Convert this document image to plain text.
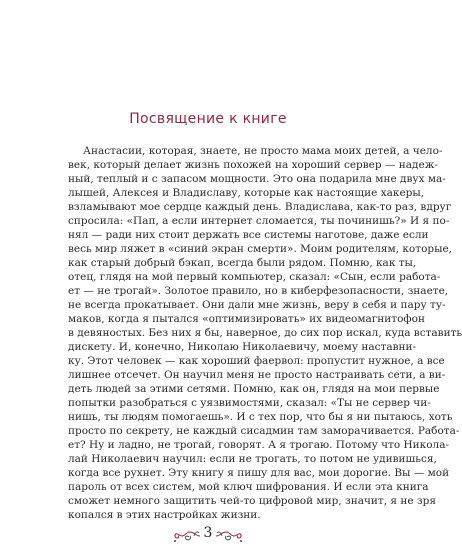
Посвящение к книге
Анастасии, которая, знаете, не просто мама моих детей, а чело-
век, который делает жизнь похожей на хороший сервер — надеж-
ный, теплый и с запасом мощности. Это она подарила мне двух ма-
лышей, Алексея и Владиславу, которые как настоящие хакеры,
взламывают мое сердце каждый день. Владиславa, как-то раз, вдруг
спросила: «Пап, а если интернет сломается, ты починишь?» И я по-
нял — ради них стоит держать все системы наготове, даже если
весь мир ляжет в «синий экран смерти». Моим родителям, которые,
как старый добрый бэкап, всегда были рядом. Помню, как ты,
отец, глядя на мой первый компьютер, сказал: «Сын, если работа-
ет — не трогай». Золотое правило, но в киберфезопасности, знаете,
не всегда прокатывает. Они дали мне жизнь, веру в себя и пару ту-
маков, когда я пытался «оптимизировать» их видеомагнитофон
в девяностых. Без них я бы, наверное, до сих пор искал, куда вставить
дискету. И, конечно, Николаю Николаевичу, моему наставни-
ку. Этот человек — как хороший фаервол: пропустит нужное, а все
лишнее отсечет. Он научил меня не просто настраивать сети, а ви-
деть людей за этими сетями. Помню, как он, глядя на мои первые
попытки разобраться с уязвимостями, сказал: «Ты не сервер чи-
нишь, ты людям помогаешь». И с тех пор, что бы я ни пытаюсь, хоть
просто по секрету, не каждый сисадмин там заморачивается. Работа-
ет? Ну и ладно, не трогай, говорят. А я трогаю. Потому что Никола-
лай Николаевич научил: если не трогать, то потом не удивишься,
когда все рухнет. Эту книгу я пишу для вас, мои дорогие. Вы — мой
пароль от всех систем, мой ключ шифрования. И если эта книга
сможет немного защитить чей-то цифровой мир, значит, я не зря
копался в этих настройках жизни.
3
